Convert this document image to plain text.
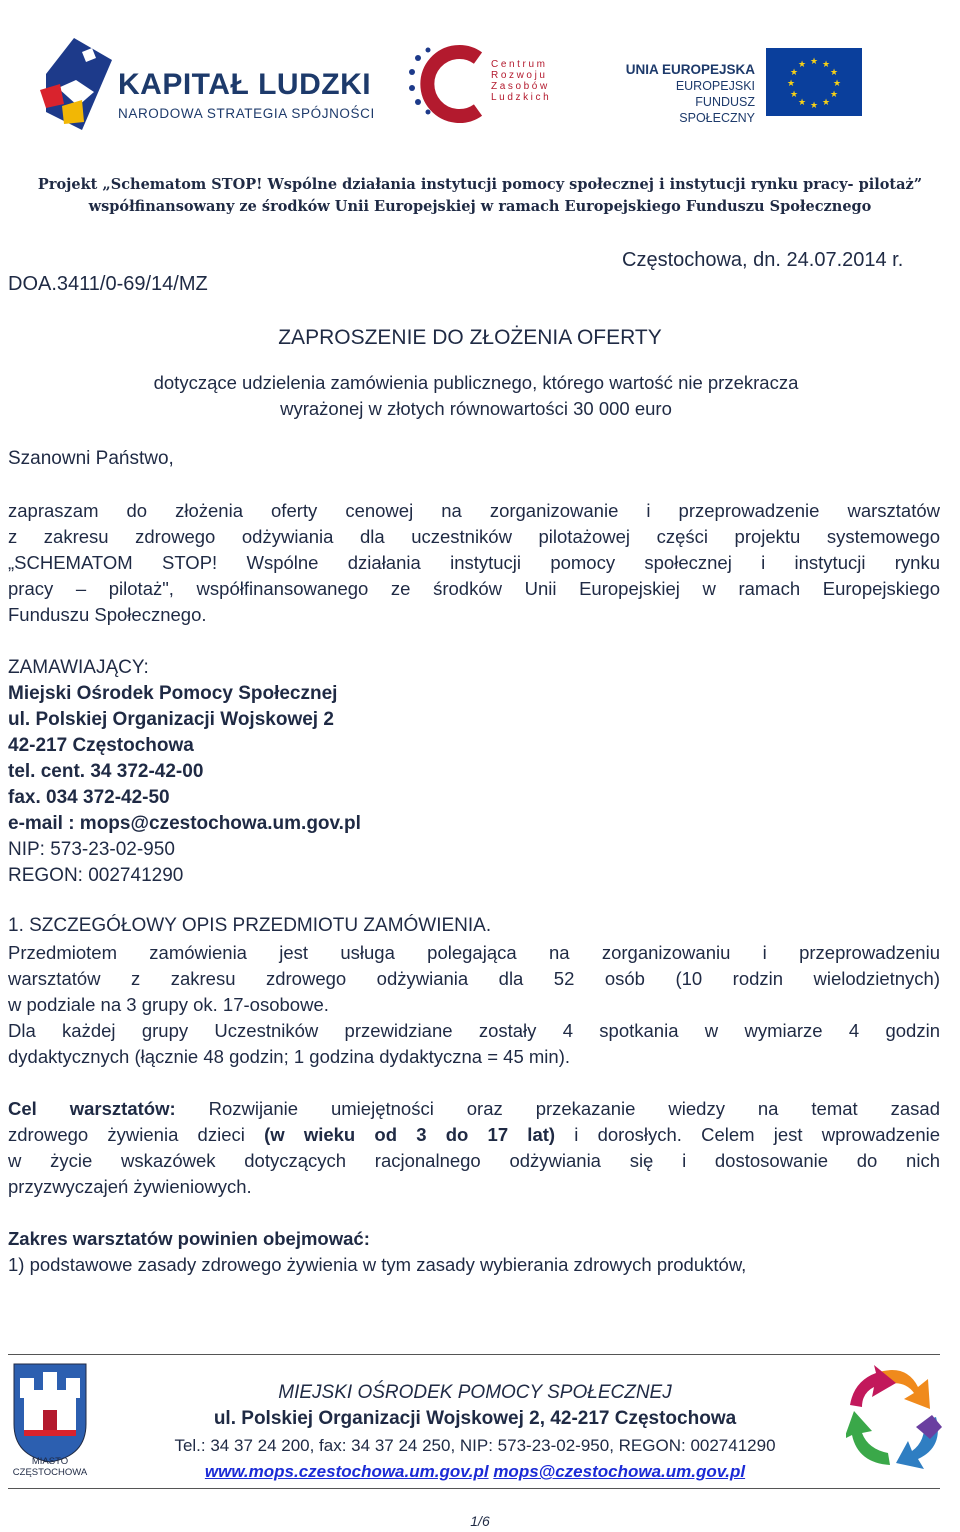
KAPITAŁ LUDZKI
NARODOWA STRATEGIA SPÓJNOŚCI
Centrum
Rozwoju
Zasobów
Ludzkich
UNIA EUROPEJSKA
EUROPEJSKI
FUNDUSZ SPOŁECZNY
★ ★
★
★
★
★
★
★
★
★
★
★
Projekt „Schematom STOP! Wspólne działania instytucji pomocy społecznej i instytucji rynku pracy- pilotaż”
współfinansowany ze środków Unii Europejskiej w ramach Europejskiego Funduszu Społecznego
DOA.3411/0-69/14/MZ
Częstochowa, dn. 24.07.2014 r.
ZAPROSZENIE DO ZŁOŻENIA OFERTY
dotyczące udzielenia zamówienia publicznego, którego wartość nie przekracza
wyrażonej w złotych równowartości 30 000 euro
Szanowni Państwo,
zapraszam do złożenia oferty cenowej na zorganizowanie i przeprowadzenie warsztatów
z zakresu zdrowego odżywiania dla uczestników pilotażowej części projektu systemowego
„SCHEMATOM STOP! Wspólne działania instytucji pomocy społecznej i instytucji rynku
pracy – pilotaż", współfinansowanego ze środków Unii Europejskiej w ramach Europejskiego
Funduszu Społecznego.
ZAMAWIAJĄCY:
Miejski Ośrodek Pomocy Społecznej
ul. Polskiej Organizacji Wojskowej 2
42-217 Częstochowa
tel. cent. 34 372-42-00
fax. 034 372-42-50
e-mail : mops@czestochowa.um.gov.pl
NIP: 573-23-02-950
REGON: 002741290
1. SZCZEGÓŁOWY OPIS PRZEDMIOTU ZAMÓWIENIA.
Przedmiotem zamówienia jest usługa polegająca na zorganizowaniu i przeprowadzeniu
warsztatów z zakresu zdrowego odżywiania dla 52 osób (10 rodzin wielodzietnych)
w podziale na 3 grupy ok. 17-osobowe.
Dla każdej grupy Uczestników przewidziane zostały 4 spotkania w wymiarze 4 godzin
dydaktycznych (łącznie 48 godzin; 1 godzina dydaktyczna = 45 min).
Cel warsztatów: Rozwijanie umiejętności oraz przekazanie wiedzy na temat zasad
zdrowego żywienia dzieci (w wieku od 3 do 17 lat) i dorosłych. Celem jest wprowadzenie
w życie wskazówek dotyczących racjonalnego odżywiania się i dostosowanie do nich
przyzwyczajeń żywieniowych.
Zakres warsztatów powinien obejmować:
1) podstawowe zasady zdrowego żywienia w tym zasady wybierania zdrowych produktów,
MIASTO
CZĘSTOCHOWA
MIEJSKI OŚRODEK POMOCY SPOŁECZNEJ
ul. Polskiej Organizacji Wojskowej 2, 42-217 Częstochowa
Tel.: 34 37 24 200, fax: 34 37 24 250, NIP: 573-23-02-950, REGON: 002741290
www.mops.czestochowa.um.gov.pl mops@czestochowa.um.gov.pl
1/6
